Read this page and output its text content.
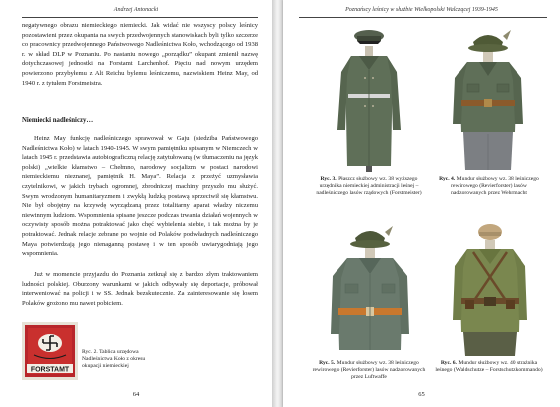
Andrzej Antonacki

negatywnego obrazu niemieckiego niemiecki. Jak widać nie wszyscy polscy leśnicy pozostawieni przez okupanta na swych przedwojennych stanowiskach byli tylko szczerze co pracownicy przedwojennego Państwowego Nadleśnictwa Koło, wchodzącego od 1938 r. w skład DLP w Poznaniu. Po nastaniu nowego „porządku” okupant zmienił nazwę dotychczasowej jednostki na Forstamt Larchenhof. Pięciu nad nowym urzędem powierzono przybyłemu z Alt Reichu bylemu leśniczemu, nazwiskiem Heinz May, od 1940 r. z tytułem Forstmeistra.

Niemiecki nadleśniczy…

Heinz May funkcję nadleśniczego sprawował w Gaju (siedziba Państwowego Nadleśnictwa Koło) w latach 1940-1945. W swym pamiętniku spisanym w Niemczech w latach 1945 r. przedstawia autobiograficzną relację zatytułowaną (w tłumaczeniu na język polski) „wielkie kłamstwo – Chełmno, narodowy socjalizm w postaci narodowi niemieckiemu nieznanej, pamiętnik H. Maya”. Relacja z przeżyć uzmysławia czytelnikowi, w jakich trybach ogromnej, zbrodniczej machiny przyszło mu służyć. Swym wrodzonym humanitaryzmem i zwykłą ludzką postawą sprzeciwił się kłamstwu. Nie był obojętny na krzywdę wyrządzaną przez totalitarny aparat władzy niczemu niewinnym ludziom. Wspomnienia spisane jeszcze podczas trwania działań wojennych w oczywisty sposób można potraktować jako chęć wybielenia siebie, i tak można by je potraktować. Jednak relacje zebrane po wojnie od Polaków podwładnych nadleśniczego Maya potwierdzają jego nienaganną postawę i w ten sposób uwiarygodniają jego wspomnienia.

Już w momencie przyjazdu do Poznania zetknął się z bardzo złym traktowaniem ludności polskiej. Oburzony warunkami w jakich odbywały się deportacje, próbował interweniować na policji i w SS. Jednak bezskutecznie. Za zainteresowanie się losem Polaków grożono mu nawet pobiciem.

FORSTAMT
Ryc. 2. Tablica urzędowa Nadleśnictwa Koło z okresu okupacji niemieckiej
64
Poznańscy leśnicy w służbie Wielkopolski Walczącej 1939-1945
Ryc. 3. Płaszcz służbowy wz. 38 wyższego urzędnika niemieckiej administracji leśnej – nadleśniczego lasów rządowych (Forstmeister)
Ryc. 4. Mundur służbowy wz. 38 leśniczego rewirowego (Revierforster) lasów nadzorowanych przez Wehrmacht
Ryc. 5. Mundur służbowy wz. 38 leśniczego rewirowego (Revierforster) lasów nadzorowanych przez Luftwaffe
Ryc. 6. Mundur służbowy wz. 40 strażnika leśnego (Waldschutze – Forstschutzkommando)
65
